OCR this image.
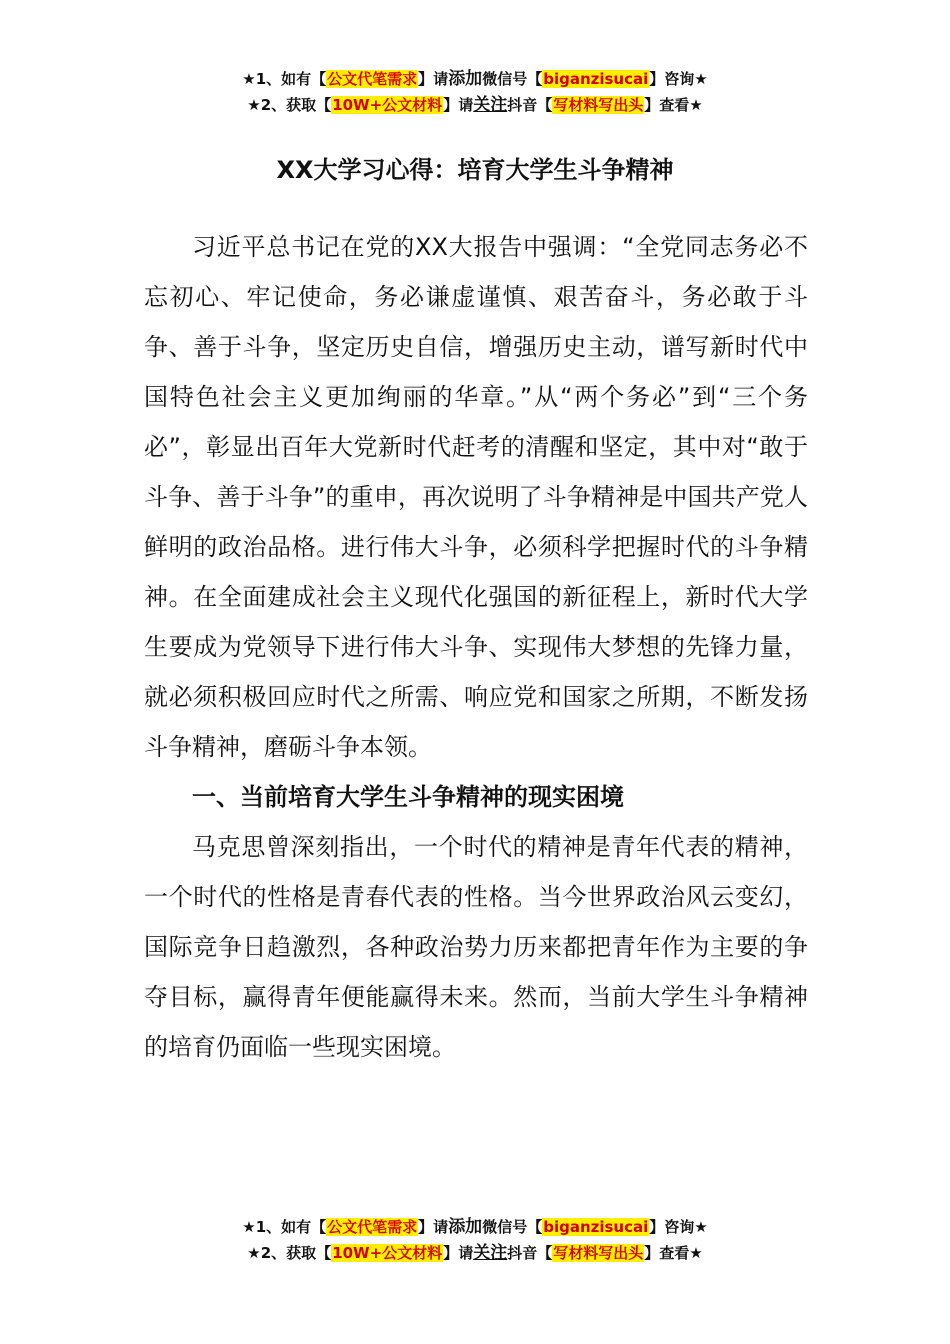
★1、如有【公文代笔需求】请添加微信号【biganzisucai】咨询★
★2、获取【10W+公文材料】请关注抖音【写材料写出头】查看★
XX大学习心得：培育大学生斗争精神

习近平总书记在党的XX大报告中强调：“全党同志务必不忘初心、牢记使命，务必谦虚谨慎、艰苦奋斗，务必敢于斗争、善于斗争，坚定历史自信，增强历史主动，谱写新时代中国特色社会主义更加绚丽的华章。”从“两个务必”到“三个务必”，彰显出百年大党新时代赶考的清醒和坚定，其中对“敢于斗争、善于斗争”的重申，再次说明了斗争精神是中国共产党人鲜明的政治品格。进行伟大斗争，必须科学把握时代的斗争精神。在全面建成社会主义现代化强国的新征程上，新时代大学生要成为党领导下进行伟大斗争、实现伟大梦想的先锋力量，就必须积极回应时代之所需、响应党和国家之所期，不断发扬斗争精神，磨砺斗争本领。

一、当前培育大学生斗争精神的现实困境

马克思曾深刻指出，一个时代的精神是青年代表的精神，一个时代的性格是青春代表的性格。当今世界政治风云变幻，国际竞争日趋激烈，各种政治势力历来都把青年作为主要的争夺目标，赢得青年便能赢得未来。然而，当前大学生斗争精神的培育仍面临一些现实困境。

★1、如有【公文代笔需求】请添加微信号【biganzisucai】咨询★
★2、获取【10W+公文材料】请关注抖音【写材料写出头】查看★
